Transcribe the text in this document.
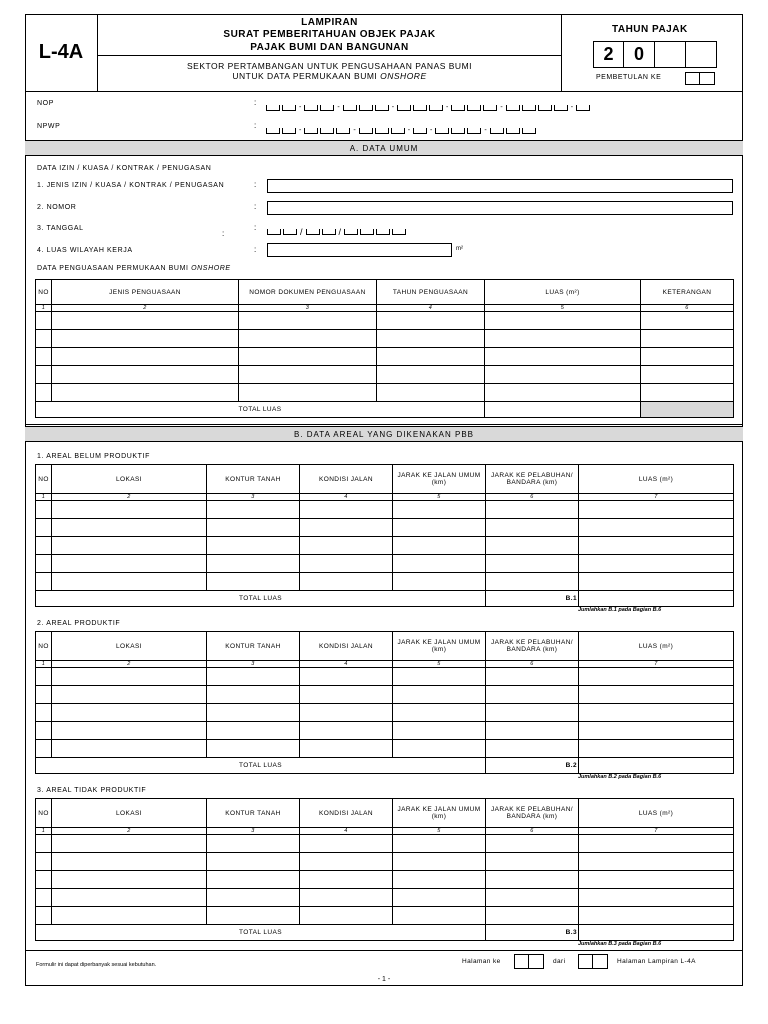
L-4A
LAMPIRAN
SURAT PEMBERITAHUAN OBJEK PAJAK
PAJAK BUMI DAN BANGUNAN
SEKTOR PERTAMBANGAN UNTUK PENGUSAHAAN PANAS BUMI
UNTUK DATA PERMUKAAN BUMI ONSHORE
TAHUN PAJAK
2	0
PEMBETULAN KE
NOP	:
-	-	-	-	-	-
NPWP	:
-	-	-	-	-
A. DATA UMUM
DATA IZIN / KUASA / KONTRAK / PENUGASAN
1. JENIS IZIN / KUASA / KONTRAK / PENUGASAN	:
2. NOMOR	:
3. TANGGAL
:
:	/	/
4. LUAS WILAYAH KERJA	:	m²
DATA PENGUASAAN PERMUKAAN BUMI ONSHORE
NO	JENIS PENGUASAAN	NOMOR DOKUMEN PENGUASAAN	TAHUN PENGUASAAN	LUAS (m²)	KETERANGAN
1	2	3	4	5	6

TOTAL LUAS					
B. DATA AREAL YANG DIKENAKAN PBB
1. AREAL BELUM PRODUKTIF
NO	LOKASI	KONTUR TANAH	KONDISI JALAN	JARAK KE JALAN UMUM (km)	JARAK KE PELABUHAN/ BANDARA (km)	LUAS (m²)
1	2	3	4	5	6	7

TOTAL LUAS					B.1	
Jumlahkan B.1 pada Bagian B.6
2. AREAL PRODUKTIF
NO	LOKASI	KONTUR TANAH	KONDISI JALAN	JARAK KE JALAN UMUM (km)	JARAK KE PELABUHAN/ BANDARA (km)	LUAS (m²)
1	2	3	4	5	6	7

TOTAL LUAS					B.2	
Jumlahkan B.2 pada Bagian B.6
3. AREAL TIDAK PRODUKTIF
NO	LOKASI	KONTUR TANAH	KONDISI JALAN	JARAK KE JALAN UMUM (km)	JARAK KE PELABUHAN/ BANDARA (km)	LUAS (m²)
1	2	3	4	5	6	7

TOTAL LUAS					B.3	
Jumlahkan B.3 pada Bagian B.6
Formulir ini dapat diperbanyak sesuai kebutuhan.	Halaman ke	dari	Halaman Lampiran L-4A
- 1 -
